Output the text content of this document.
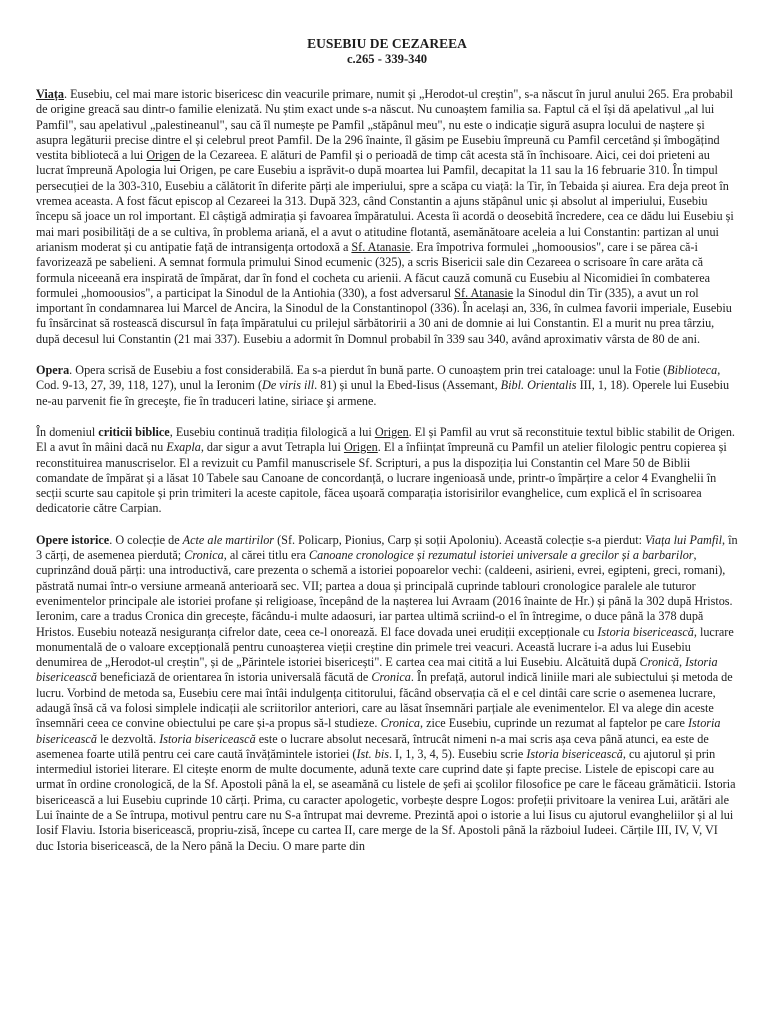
EUSEBIU DE CEZAREEA
c.265 - 339-340

Viața. Eusebiu, cel mai mare istoric bisericesc din veacurile primare, numit și „Herodot-ul creștin", s-a născut în jurul anului 265. Era probabil de origine greacă sau dintr-o familie elenizată. Nu știm exact unde s-a născut. Nu cunoaștem familia sa. Faptul că el își dă apelativul „al lui Pamfil", sau apelativul „palestineanul", sau că îl numește pe Pamfil „stăpânul meu", nu este o indicație sigură asupra locului de naștere și asupra legăturii precise dintre el și celebrul preot Pamfil. De la 296 înainte, îl găsim pe Eusebiu împreună cu Pamfil cercetând și îmbogățind vestita bibliotecă a lui Origen de la Cezareea. E alături de Pamfil și o perioadă de timp cât acesta stă în închisoare. Aici, cei doi prieteni au lucrat împreună Apologia lui Origen, pe care Eusebiu a isprăvit-o după moartea lui Pamfil, decapitat la 11 sau la 16 februarie 310. În timpul persecuției de la 303-310, Eusebiu a călătorit în diferite părți ale imperiului, spre a scăpa cu viață: la Tir, în Tebaida și aiurea. Era deja preot în vremea aceasta. A fost făcut episcop al Cezareei la 313. După 323, când Constantin a ajuns stăpânul unic și absolut al imperiului, Eusebiu începu să joace un rol important. El câștigă admirația și favoarea împăratului. Acesta îi acordă o deosebită încredere, cea ce dădu lui Eusebiu și mai mari posibilități de a se cultiva, în problema ariană, el a avut o atitudine flotantă, asemănătoare aceleia a lui Constantin: partizan al unui arianism moderat și cu antipatie față de intransigența ortodoxă a Sf. Atanasie. Era împotriva formulei „homoousios", care i se părea că-i favorizează pe sabelieni. A semnat formula primului Sinod ecumenic (325), a scris Bisericii sale din Cezareea o scrisoare în care arăta că formula niceeană era inspirată de împărat, dar în fond el cocheta cu arienii. A făcut cauză comună cu Eusebiu al Nicomidiei în combaterea formulei „homoousios", a participat la Sinodul de la Antiohia (330), a fost adversarul Sf. Atanasie la Sinodul din Tir (335), a avut un rol important în condamnarea lui Marcel de Ancira, la Sinodul de la Constantinopol (336). În același an, 336, în culmea favorii imperiale, Eusebiu fu însărcinat să rostească discursul în fața împăratului cu prilejul sărbătoririi a 30 ani de domnie ai lui Constantin. El a murit nu prea târziu, după decesul lui Constantin (21 mai 337). Eusebiu a adormit în Domnul probabil în 339 sau 340, având aproximativ vârsta de 80 de ani.

Opera. Opera scrisă de Eusebiu a fost considerabilă. Ea s-a pierdut în bună parte. O cunoaștem prin trei cataloage: unul la Fotie (Biblioteca, Cod. 9-13, 27, 39, 118, 127), unul la Ieronim (De viris ill. 81) și unul la Ebed-Iisus (Assemant, Bibl. Orientalis III, 1, 18). Operele lui Eusebiu ne-au parvenit fie în greceşte, fie în traduceri latine, siriace şi armene.

În domeniul criticii biblice, Eusebiu continuă tradiția filologică a lui Origen. El și Pamfil au vrut să reconstituie textul biblic stabilit de Origen. El a avut în mâini dacă nu Exapla, dar sigur a avut Tetrapla lui Origen. El a înființat împreună cu Pamfil un atelier filologic pentru copierea și reconstituirea manuscriselor. El a revizuit cu Pamfil manuscrisele Sf. Scripturi, a pus la dispoziția lui Constantin cel Mare 50 de Biblii comandate de împărat și a lăsat 10 Tabele sau Canoane de concordanță, o lucrare ingenioasă unde, printr-o împărțire a celor 4 Evanghelii în secții scurte sau capitole și prin trimiteri la aceste capitole, făcea ușoară comparația istorisirilor evanghelice, cum explică el în scrisoarea dedicatorie către Carpian.

Opere istorice. O colecție de Acte ale martirilor (Sf. Policarp, Pionius, Carp și soții Apoloniu). Această colecție s-a pierdut: Viața lui Pamfil, în 3 cărți, de asemenea pierdută; Cronica, al cărei titlu era Canoane cronologice și rezumatul istoriei universale a grecilor și a barbarilor, cuprinzând două părți: una introductivă, care prezenta o schemă a istoriei popoarelor vechi: (caldeeni, asirieni, evrei, egipteni, greci, romani), păstrată numai într-o versiune armeană anterioară sec. VII; partea a doua și principală cuprinde tablouri cronologice paralele ale tuturor evenimentelor principale ale istoriei profane și religioase, începând de la nașterea lui Avraam (2016 înainte de Hr.) și până la 302 după Hristos. Ieronim, care a tradus Cronica din grecește, făcându-i multe adaosuri, iar partea ultimă scriind-o el în întregime, o duce până la 378 după Hristos. Eusebiu notează nesiguranța cifrelor date, ceea ce-l onorează. El face dovada unei erudiții excepționale cu Istoria bisericească, lucrare monumentală de o valoare excepțională pentru cunoașterea vieții creștine din primele trei veacuri. Această lucrare i-a adus lui Eusebiu denumirea de „Herodot-ul creștin", și de „Părintele istoriei bisericești". E cartea cea mai citită a lui Eusebiu. Alcătuită după Cronică, Istoria bisericească beneficiază de orientarea în istoria universală făcută de Cronica. În prefață, autorul indică liniile mari ale subiectului și metoda de lucru. Vorbind de metoda sa, Eusebiu cere mai întâi indulgența cititorului, făcând observația că el e cel dintâi care scrie o asemenea lucrare, adaugă însă că va folosi simplele indicații ale scriitorilor anteriori, care au lăsat însemnări parțiale ale evenimentelor. El va alege din aceste însemnări ceea ce convine obiectului pe care și-a propus să-l studieze. Cronica, zice Eusebiu, cuprinde un rezumat al faptelor pe care Istoria bisericească le dezvoltă. Istoria bisericească este o lucrare absolut necesară, întrucât nimeni n-a mai scris așa ceva până atunci, ea este de asemenea foarte utilă pentru cei care caută învățămintele istoriei (Ist. bis. I, 1, 3, 4, 5). Eusebiu scrie Istoria bisericească, cu ajutorul și prin intermediul istoriei literare. El citește enorm de multe documente, adună texte care cuprind date și fapte precise. Listele de episcopi care au urmat în ordine cronologică, de la Sf. Apostoli până la el, se aseamănă cu listele de șefi ai școlilor filosofice pe care le făceau grămăticii. Istoria bisericească a lui Eusebiu cuprinde 10 cărți. Prima, cu caracter apologetic, vorbește despre Logos: profeții privitoare la venirea Lui, arătări ale Lui înainte de a Se întrupa, motivul pentru care nu S-a întrupat mai devreme. Prezintă apoi o istorie a lui Iisus cu ajutorul evangheliilor și al lui Iosif Flaviu. Istoria bisericească, propriu-zisă, începe cu cartea II, care merge de la Sf. Apostoli până la războiul Iudeei. Cărțile III, IV, V, VI duc Istoria bisericească, de la Nero până la Deciu. O mare parte din
